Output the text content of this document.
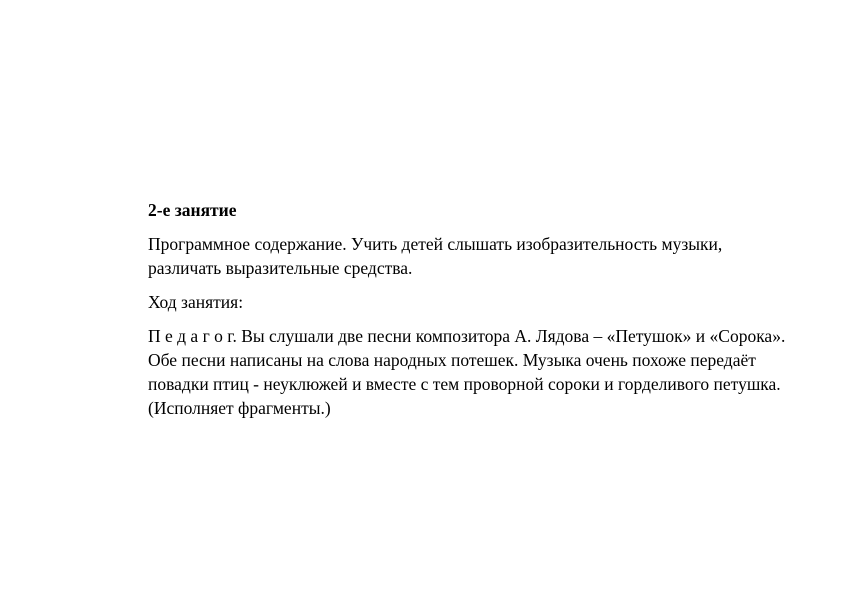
2-е занятие

Программное содержание. Учить детей слышать изобразительность музыки, различать выразительные средства.

Ход занятия:

П е д а г о г. Вы слушали две песни композитора А. Лядова – «Петушок» и «Сорока». Обе песни написаны на слова народных потешек. Музыка очень похоже передаёт повадки птиц - неуклюжей и вместе с тем проворной сороки и горделивого петушка. (Исполняет фрагменты.)
